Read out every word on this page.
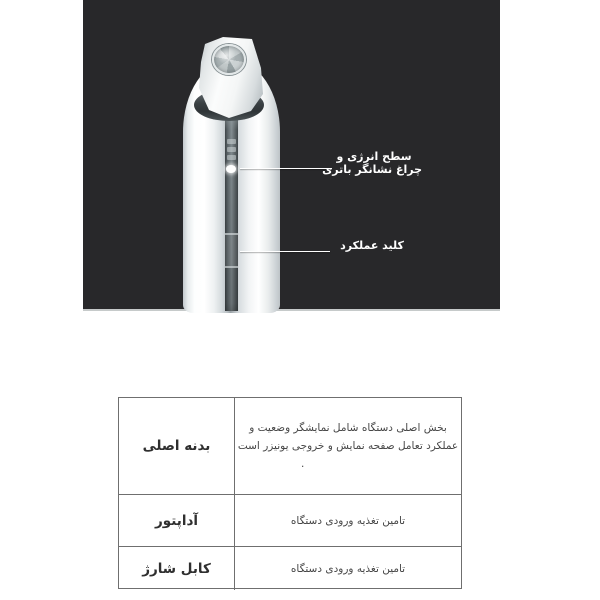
سطح انرژی و
چراغ نشانگر باتری
کلید عملکرد
بدنه اصلی
بخش اصلی دستگاه شامل نمایشگر وضعیت و
عملکرد تعامل صفحه نمایش و خروجی یونیزر است
.
آداپتور	تامین تغذیه ورودی دستگاه
کابل شارژ	تامین تغذیه ورودی دستگاه
